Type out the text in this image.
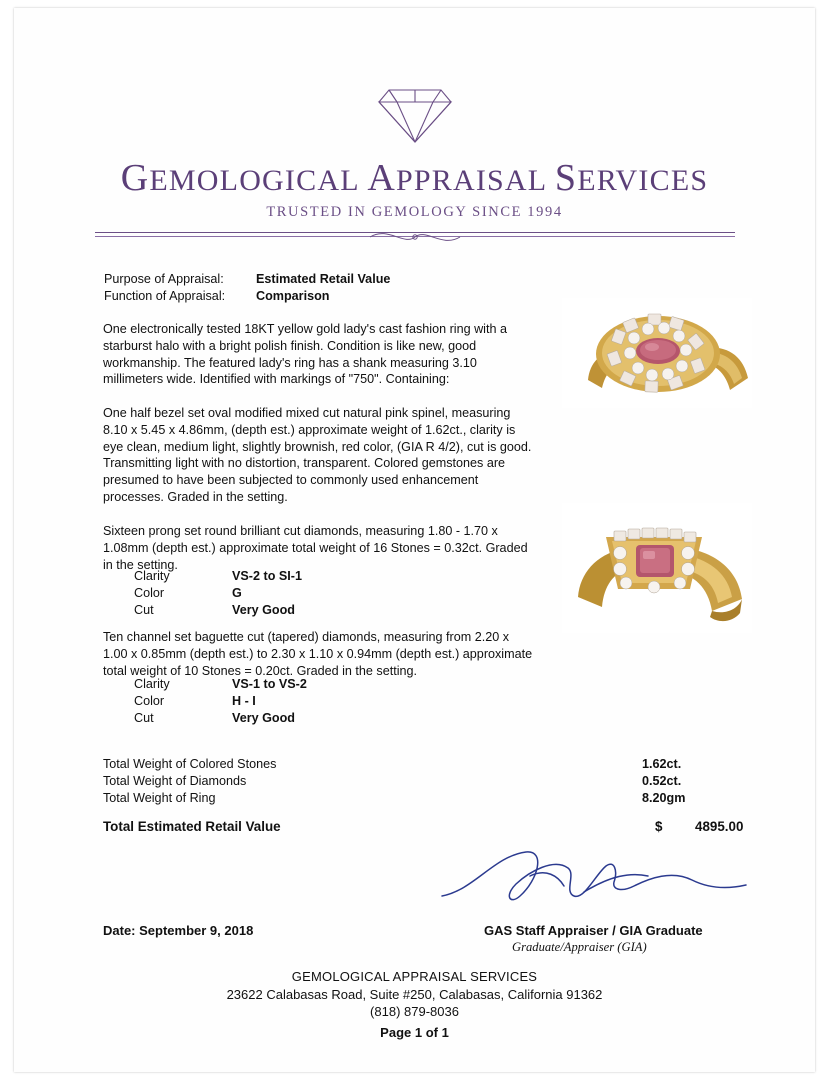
GEMOLOGICAL APPRAISAL SERVICES
TRUSTED IN GEMOLOGY SINCE 1994
Purpose of Appraisal:	Estimated Retail Value
Function of Appraisal:	Comparison
One electronically tested 18KT yellow gold lady's cast fashion ring with a starburst halo with a bright polish finish. Condition is like new, good workmanship. The featured lady's ring has a shank measuring 3.10 millimeters wide. Identified with markings of "750". Containing:
One half bezel set oval modified mixed cut natural pink spinel, measuring 8.10 x 5.45 x 4.86mm, (depth est.) approximate weight of 1.62ct., clarity is eye clean, medium light, slightly brownish, red color, (GIA R 4/2), cut is good. Transmitting light with no distortion, transparent. Colored gemstones are presumed to have been subjected to commonly used enhancement processes. Graded in the setting.
Sixteen prong set round brilliant cut diamonds, measuring 1.80 - 1.70 x 1.08mm (depth est.) approximate total weight of 16 Stones = 0.32ct. Graded in the setting.
Ten channel set baguette cut (tapered) diamonds, measuring from 2.20 x 1.00 x 0.85mm (depth est.) to 2.30 x 1.10 x 0.94mm (depth est.) approximate total weight of 10 Stones = 0.20ct. Graded in the setting.
Clarity	VS-2 to SI-1
Color	G
Cut	Very Good
Clarity	VS-1 to VS-2
Color	H - I
Cut	Very Good
Total Weight of Colored Stones	1.62ct.
Total Weight of Diamonds	0.52ct.
Total Weight of Ring	8.20gm
Total Estimated Retail Value	$ 4895.00
Date: September 9, 2018	GAS Staff Appraiser / GIA Graduate
Graduate/Appraiser (GIA)
GEMOLOGICAL APPRAISAL SERVICES
23622 Calabasas Road, Suite #250, Calabasas, California 91362
(818) 879-8036
Page 1 of 1
